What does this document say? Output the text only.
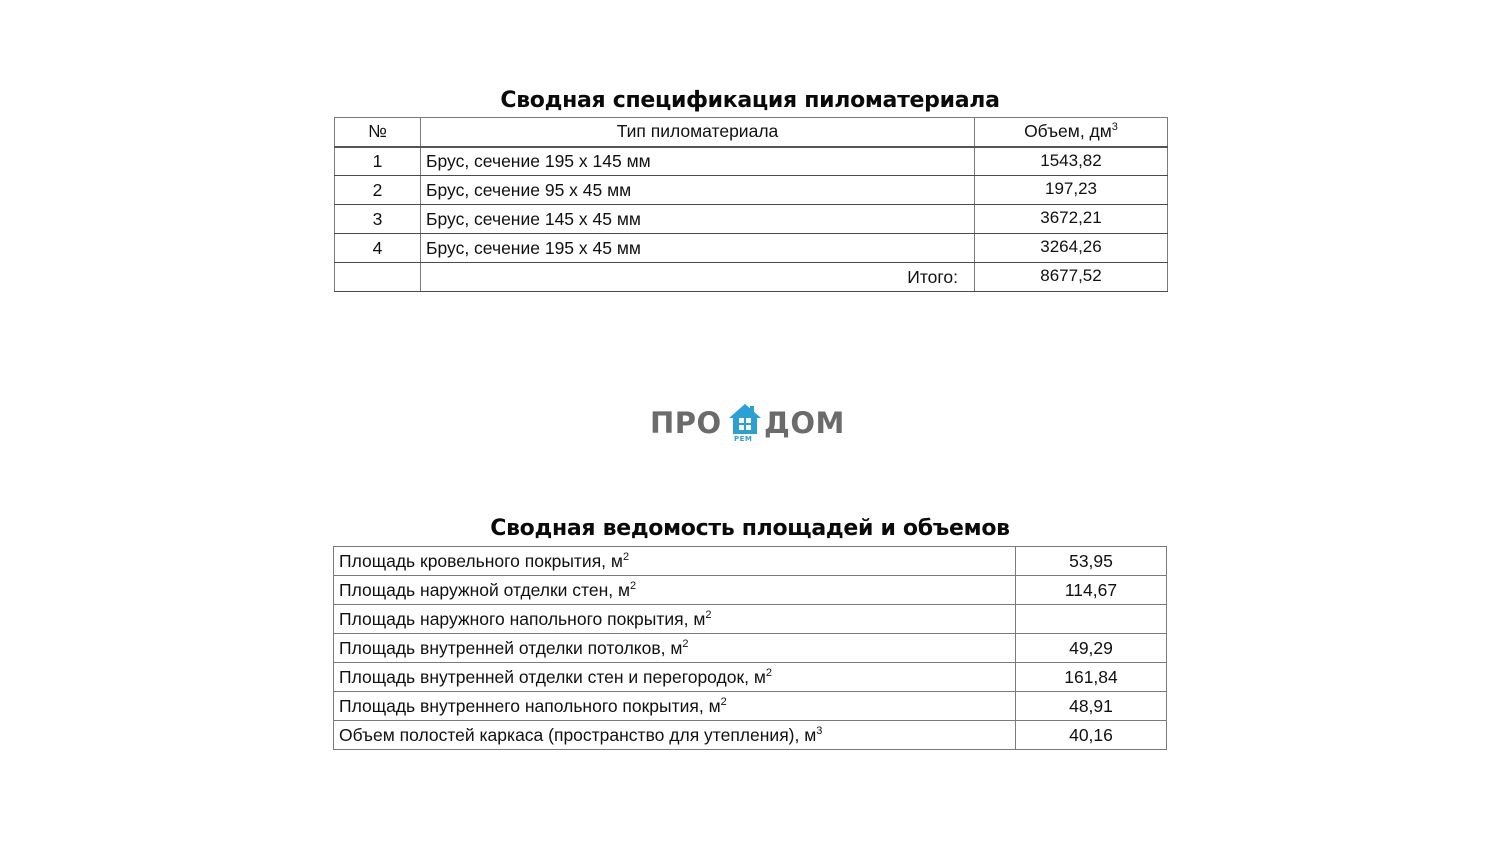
Сводная спецификация пиломатериала
№	Тип пиломатериала	Объем, $дм^3$
1	Брус, сечение 195 х 145 мм	1543,82
2	Брус, сечение 95 х 45 мм	197,23
3	Брус, сечение 145 х 45 мм	3672,21
4	Брус, сечение 195 х 45 мм	3264,26
	Итого:	8677,52
ПРО РЕМ ДОМ
Сводная ведомость площадей и объемов
Площадь кровельного покрытия, $м^2$	53,95
Площадь наружной отделки стен, $м^2$	114,67
Площадь наружного напольного покрытия, $м^2$	
Площадь внутренней отделки потолков, $м^2$	49,29
Площадь внутренней отделки стен и перегородок, $м^2$	161,84
Площадь внутреннего напольного покрытия, $м^2$	48,91
Объем полостей каркаса (пространство для утепления), $м^3$	40,16
